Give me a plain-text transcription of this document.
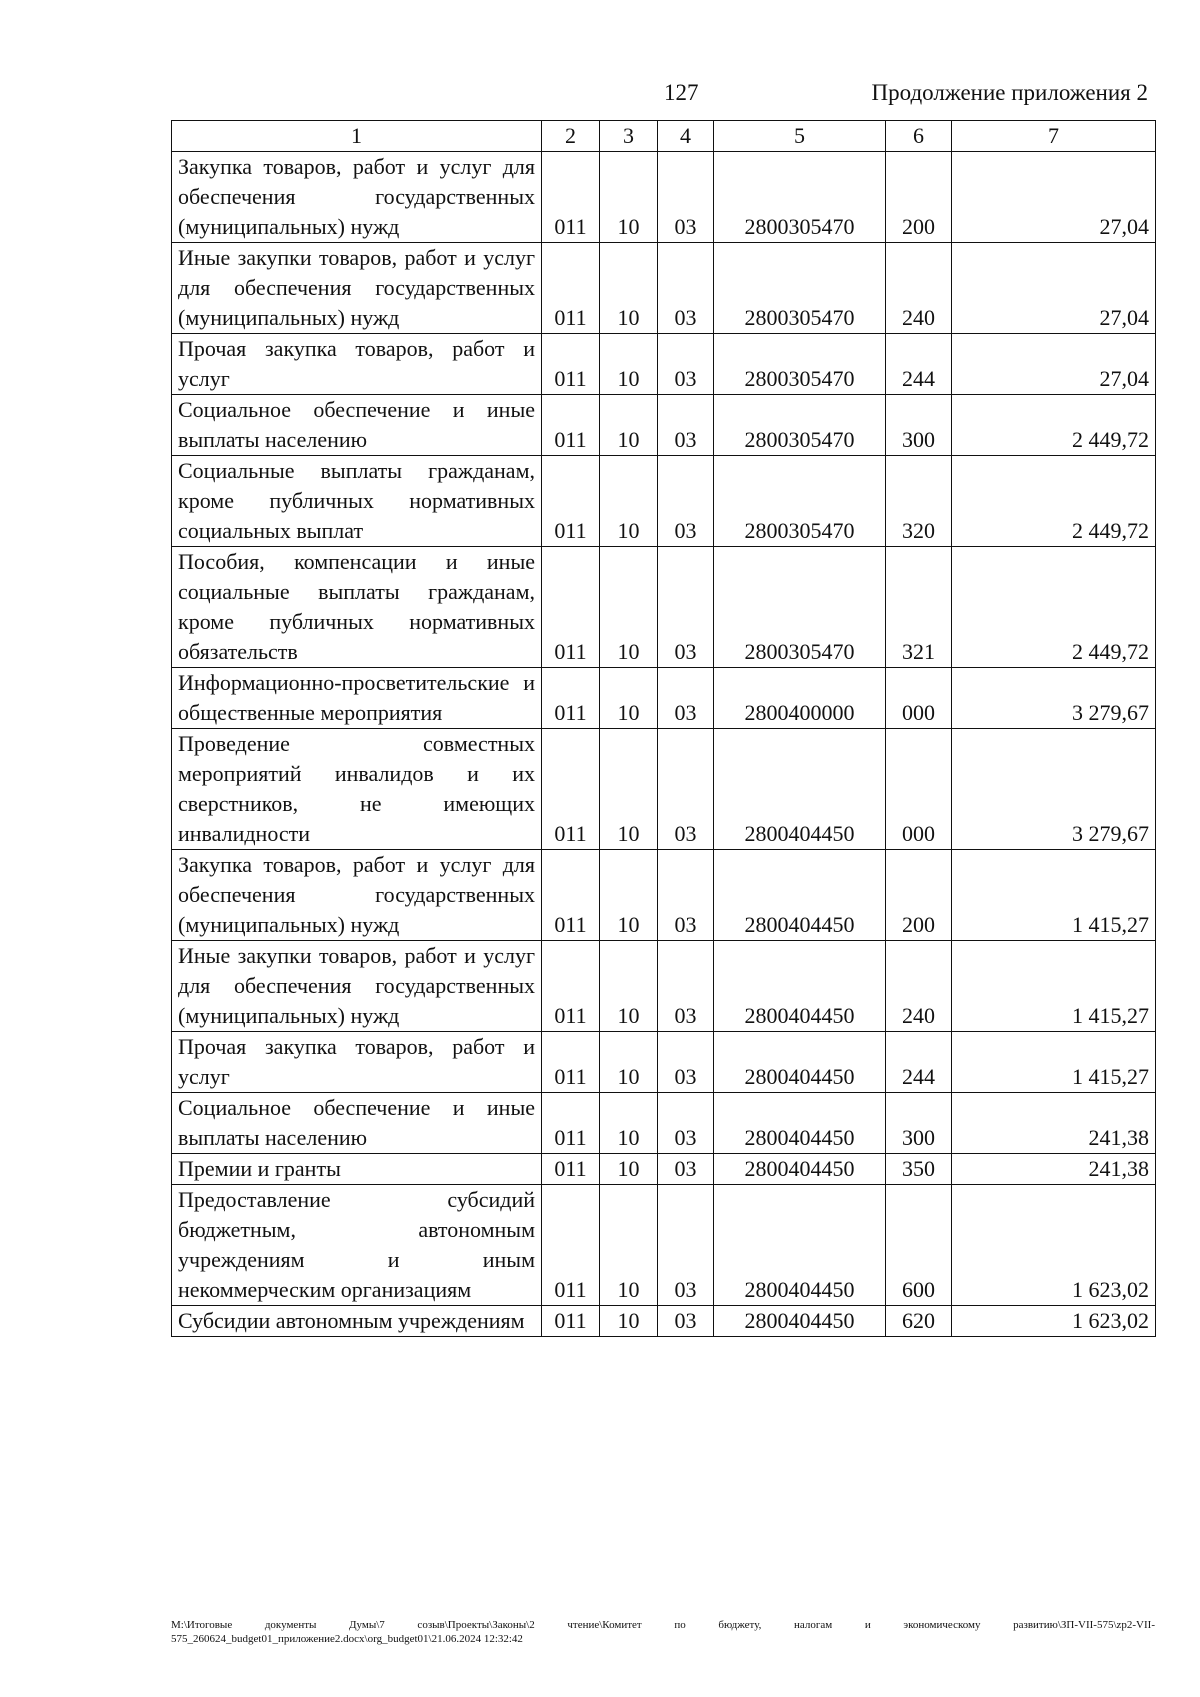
127	Продолжение приложения 2
1	2	3	4	5	6	7
Закупка товаров, работ и услуг для обеспечения государственных (муниципальных) нужд	011	10	03	2800305470	200	27,04
Иные закупки товаров, работ и услуг для обеспечения государственных (муниципальных) нужд	011	10	03	2800305470	240	27,04
Прочая закупка товаров, работ и услуг	011	10	03	2800305470	244	27,04
Социальное обеспечение и иные выплаты населению	011	10	03	2800305470	300	2 449,72
Социальные выплаты гражданам, кроме публичных нормативных социальных выплат	011	10	03	2800305470	320	2 449,72
Пособия, компенсации и иные социальные выплаты гражданам, кроме публичных нормативных обязательств	011	10	03	2800305470	321	2 449,72
Информационно-просветительские и общественные мероприятия	011	10	03	2800400000	000	3 279,67
Проведение совместных мероприятий инвалидов и их сверстников, не имеющих инвалидности	011	10	03	2800404450	000	3 279,67
Закупка товаров, работ и услуг для обеспечения государственных (муниципальных) нужд	011	10	03	2800404450	200	1 415,27
Иные закупки товаров, работ и услуг для обеспечения государственных (муниципальных) нужд	011	10	03	2800404450	240	1 415,27
Прочая закупка товаров, работ и услуг	011	10	03	2800404450	244	1 415,27
Социальное обеспечение и иные выплаты населению	011	10	03	2800404450	300	241,38
Премии и гранты	011	10	03	2800404450	350	241,38
Предоставление субсидий бюджетным, автономным учреждениям и иным некоммерческим организациям	011	10	03	2800404450	600	1 623,02
Субсидии автономным учреждениям	011	10	03	2800404450	620	1 623,02
M:\Итоговые документы Думы\7 созыв\Проекты\Законы\2 чтение\Комитет по бюджету, налогам и экономическому развитию\ЗП-VII-575\zp2-VII-575_260624_budget01_приложение2.docx\org_budget01\21.06.2024 12:32:42
